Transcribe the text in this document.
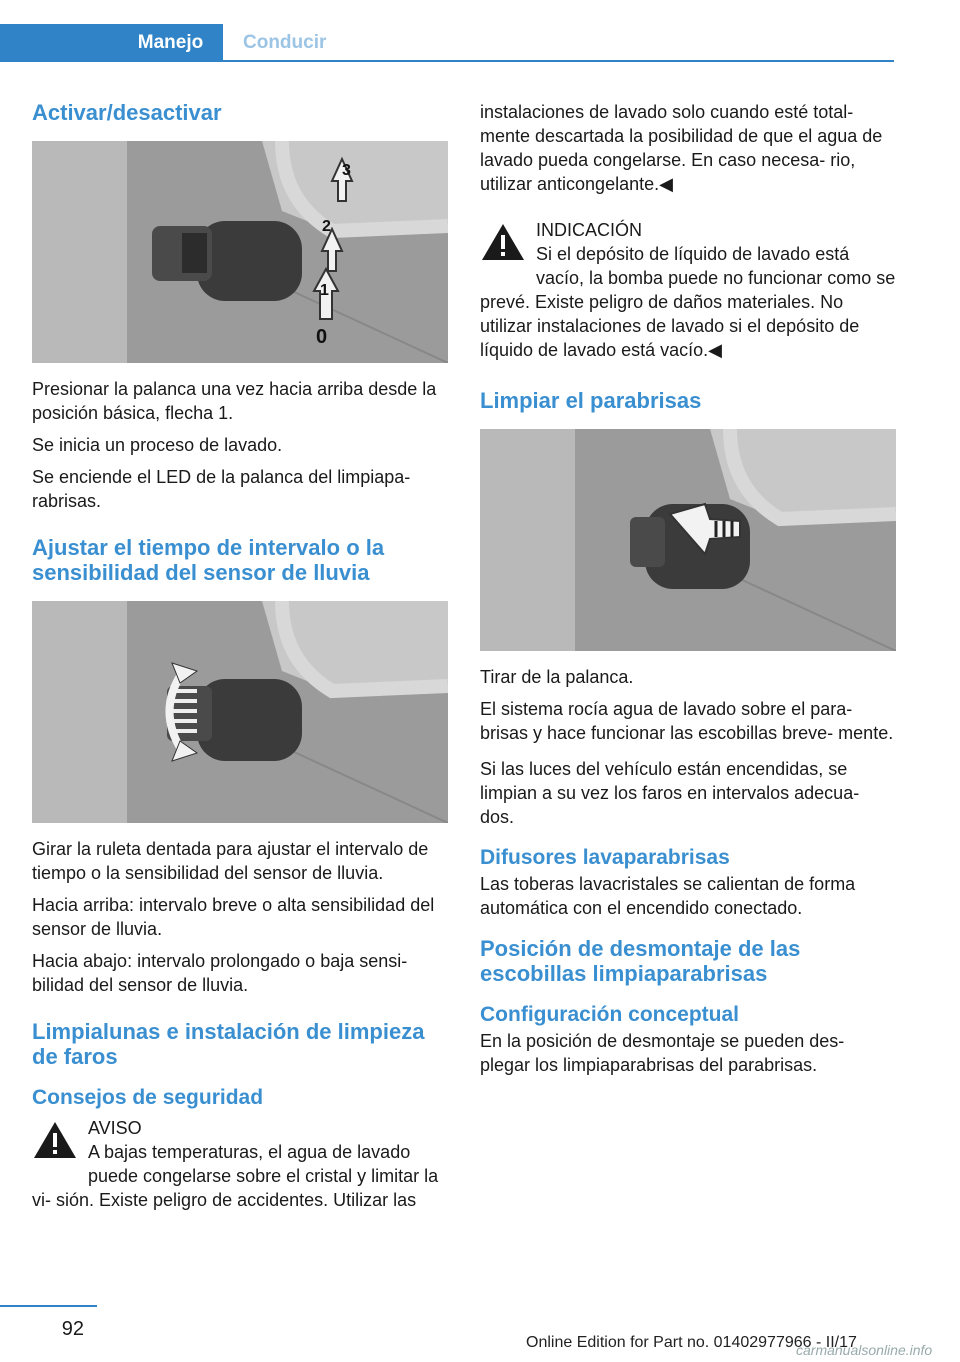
Manejo	Conducir
Activar/desactivar
3
2
1
0

Presionar la palanca una vez hacia arriba desde la posición básica, flecha 1.

Se inicia un proceso de lavado.

Se enciende el LED de la palanca del limpiapa‐ rabrisas.

Ajustar el tiempo de intervalo o la sensibilidad del sensor de lluvia

Girar la ruleta dentada para ajustar el intervalo de tiempo o la sensibilidad del sensor de lluvia.

Hacia arriba: intervalo breve o alta sensibilidad del sensor de lluvia.

Hacia abajo: intervalo prolongado o baja sensi‐ bilidad del sensor de lluvia.

Limpialunas e instalación de limpieza de faros
Consejos de seguridad

AVISO

A bajas temperaturas, el agua de lavado puede congelarse sobre el cristal y limitar la vi‐ sión. Existe peligro de accidentes. Utilizar las

instalaciones de lavado solo cuando esté total‐ mente descartada la posibilidad de que el agua de lavado pueda congelarse. En caso necesa‐ rio, utilizar anticongelante.◀

INDICACIÓN

Si el depósito de líquido de lavado está vacío, la bomba puede no funcionar como se prevé. Existe peligro de daños materiales. No utilizar instalaciones de lavado si el depósito de líquido de lavado está vacío.◀

Limpiar el parabrisas

Tirar de la palanca.

El sistema rocía agua de lavado sobre el para‐ brisas y hace funcionar las escobillas breve‐ mente.

Si las luces del vehículo están encendidas, se limpian a su vez los faros en intervalos adecua‐ dos.

Difusores lavaparabrisas

Las toberas lavacristales se calientan de forma automática con el encendido conectado.

Posición de desmontaje de las escobillas limpiaparabrisas
Configuración conceptual

En la posición de desmontaje se pueden des‐ plegar los limpiaparabrisas del parabrisas.

92
Online Edition for Part no. 01402977966 - II/17
carmanualsonline.info
